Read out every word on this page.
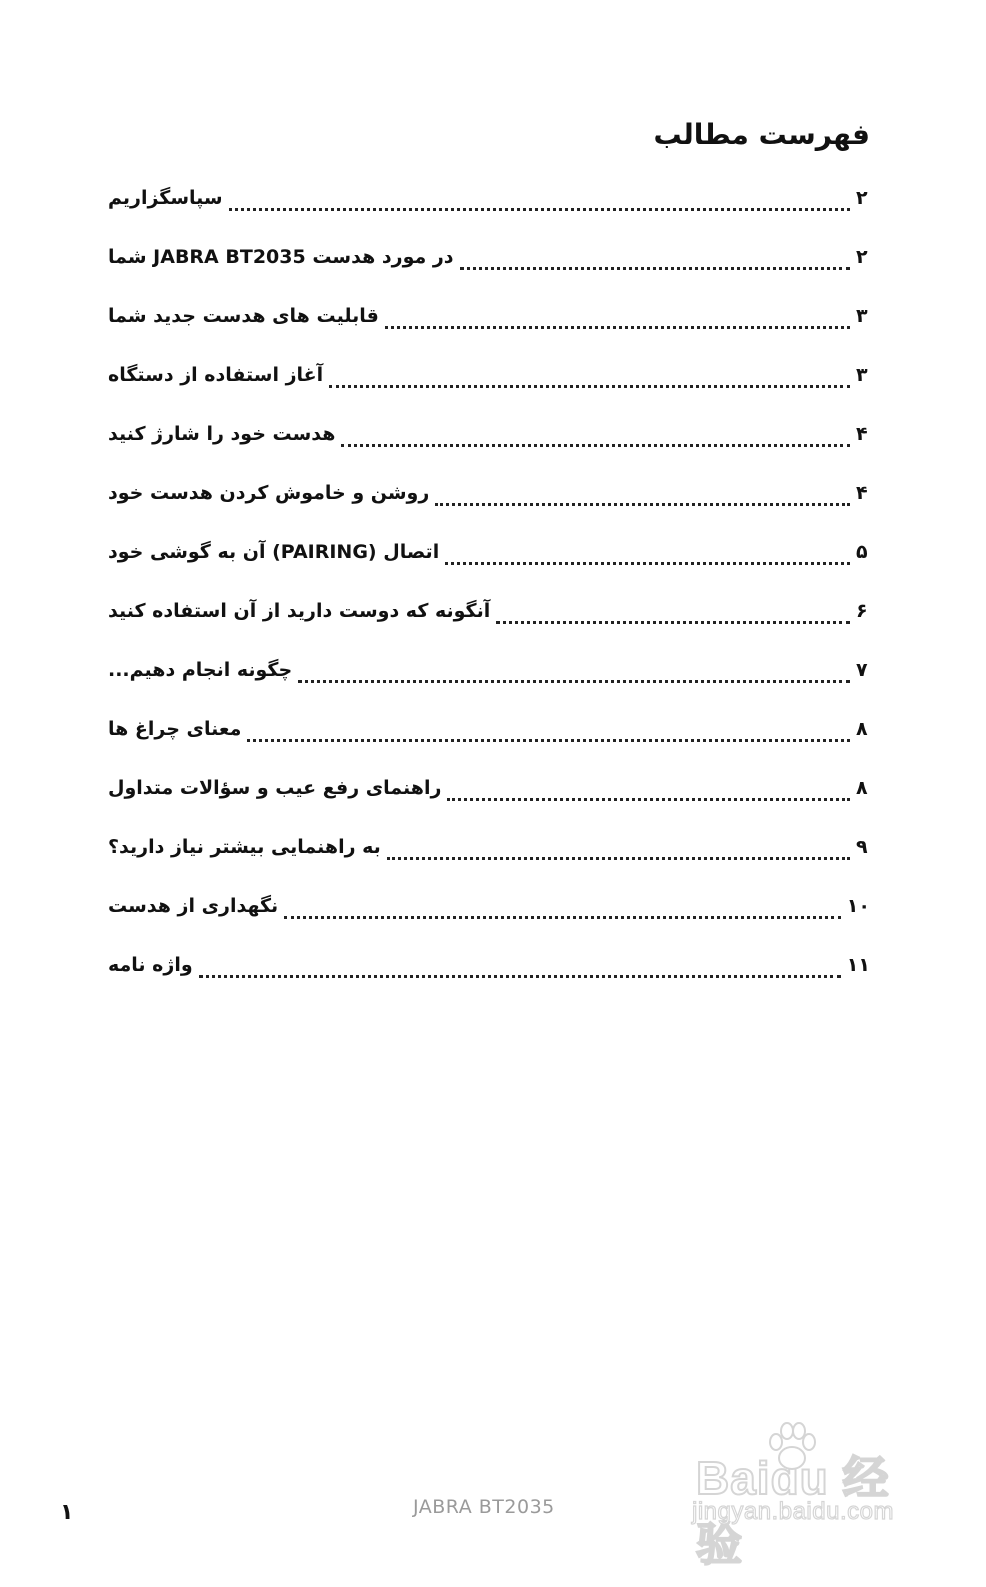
فهرست مطالب
سپاسگزاریم	۲
در مورد هدست JABRA BT2035 شما	۲
قابلیت های هدست جدید شما	۳
آغاز استفاده از دستگاه	۳
هدست خود را شارژ کنید	۴
روشن و خاموش کردن هدست خود	۴
اتصال (PAIRING) آن به گوشی خود	۵
آنگونه که دوست دارید از آن استفاده کنید	۶
چگونه انجام دهیم...	۷
معنای چراغ ها	۸
راهنمای رفع عیب و سؤالات متداول	۸
به راهنمایی بیشتر نیاز دارید؟	۹
نگهداری از هدست	۱۰
واژه نامه	۱۱
۱	JABRA BT2035
Baidu 经验
jingyan.baidu.com
